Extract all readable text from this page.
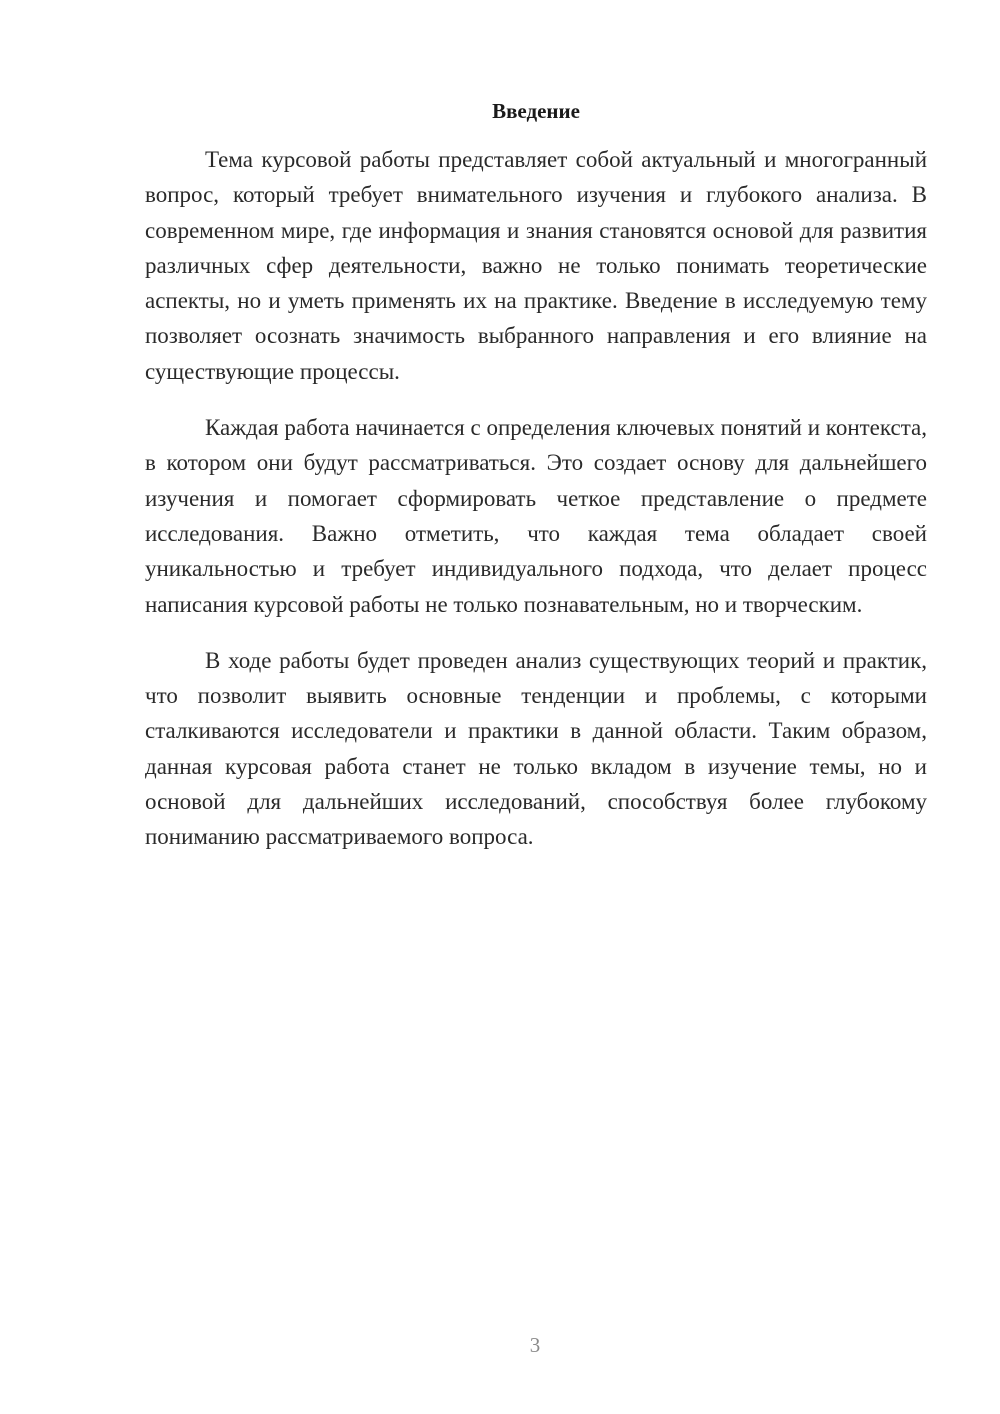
Введение

Тема курсовой работы представляет собой актуальный и многогранный вопрос, который требует внимательного изучения и глубокого анализа. В современном мире, где информация и знания становятся основой для развития различных сфер деятельности, важно не только понимать теоретические аспекты, но и уметь применять их на практике. Введение в исследуемую тему позволяет осознать значимость выбранного направления и его влияние на существующие процессы.

Каждая работа начинается с определения ключевых понятий и контекста, в котором они будут рассматриваться. Это создает основу для дальнейшего изучения и помогает сформировать четкое представление о предмете исследования. Важно отметить, что каждая тема обладает своей уникальностью и требует индивидуального подхода, что делает процесс написания курсовой работы не только познавательным, но и творческим.

В ходе работы будет проведен анализ существующих теорий и практик, что позволит выявить основные тенденции и проблемы, с которыми сталкиваются исследователи и практики в данной области. Таким образом, данная курсовая работа станет не только вкладом в изучение темы, но и основой для дальнейших исследований, способствуя более глубокому пониманию рассматриваемого вопроса.

3
